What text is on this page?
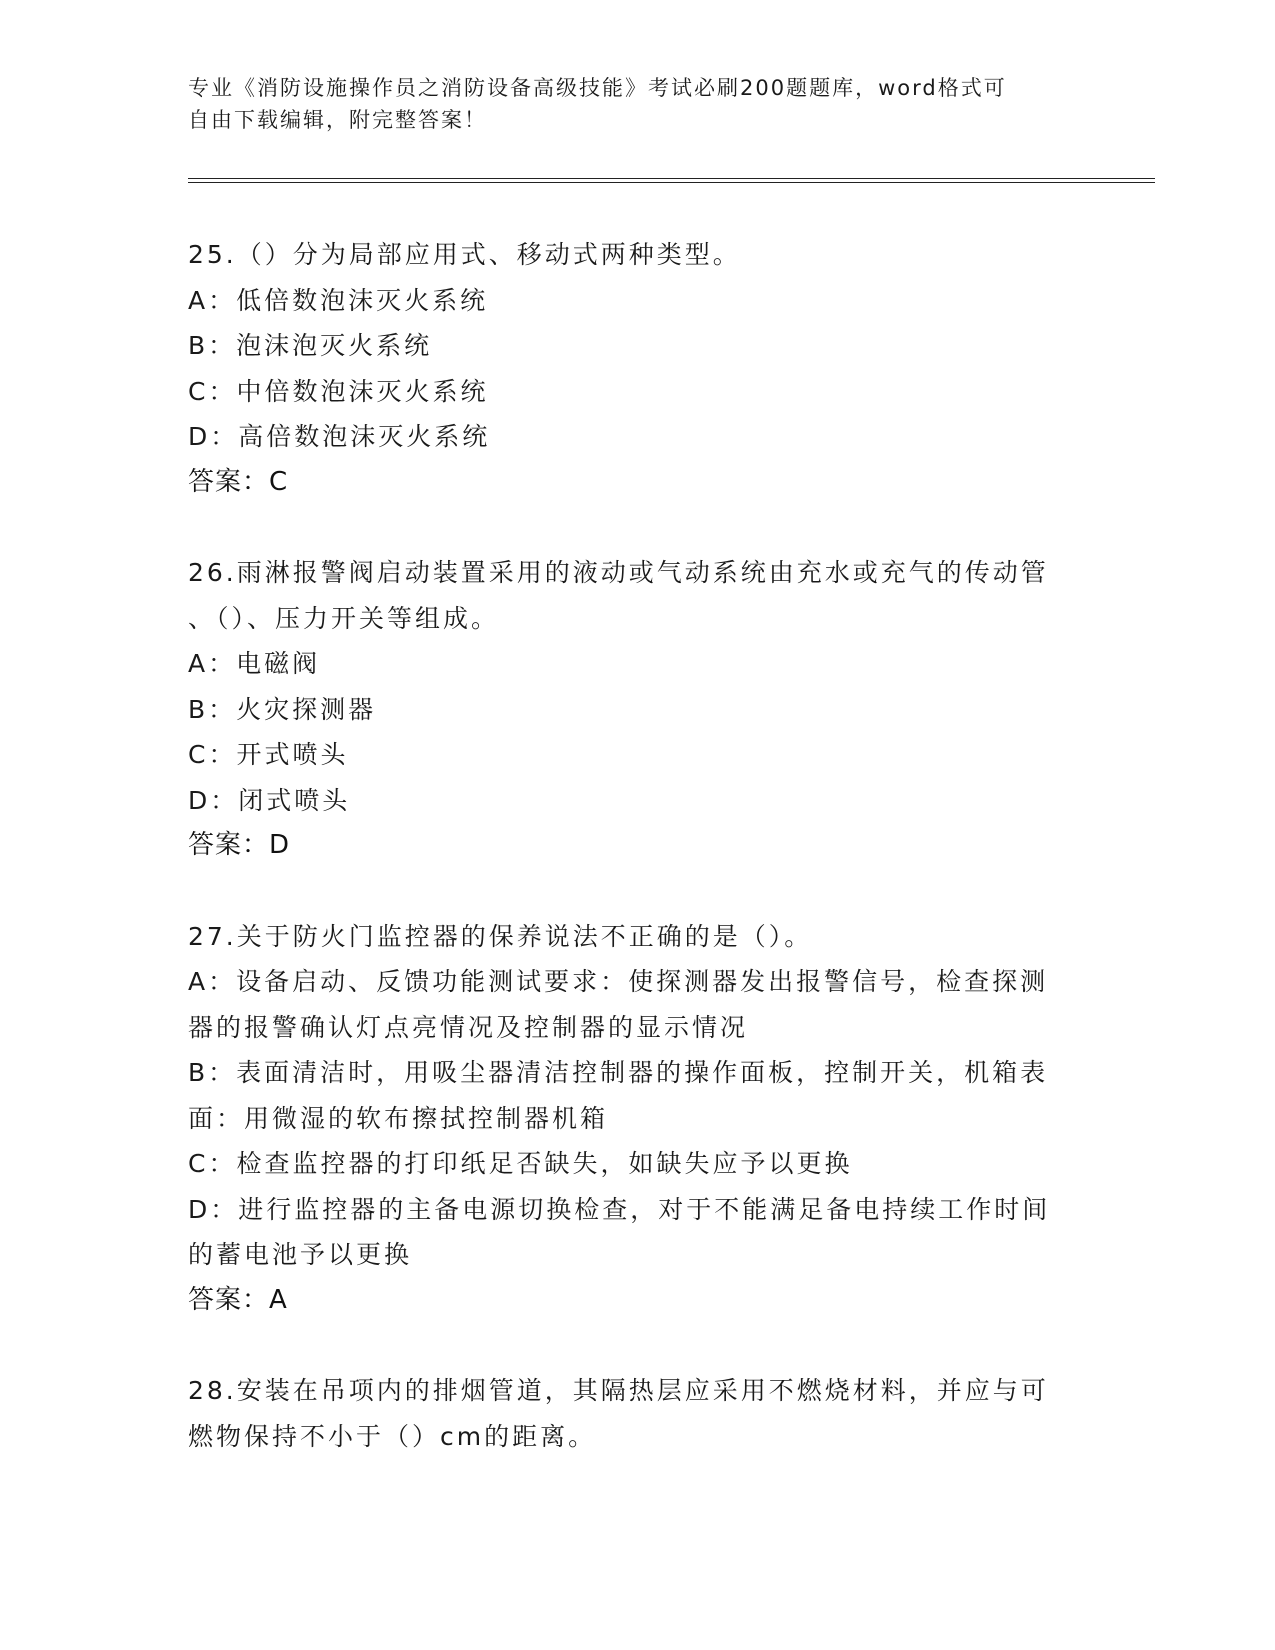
专业《消防设施操作员之消防设备高级技能》考试必刷200题题库，word格式可
自由下载编辑，附完整答案！
25.（）分为局部应用式、移动式两种类型。
A：低倍数泡沫灭火系统
B：泡沫泡灭火系统
C：中倍数泡沫灭火系统
D：高倍数泡沫灭火系统
答案：C
26.雨淋报警阀启动装置采用的液动或气动系统由充水或充气的传动管
、（）、压力开关等组成。
A：电磁阀
B：火灾探测器
C：开式喷头
D：闭式喷头
答案：D
27.关于防火门监控器的保养说法不正确的是（）。
A：设备启动、反馈功能测试要求：使探测器发出报警信号，检查探测
器的报警确认灯点亮情况及控制器的显示情况
B：表面清洁时，用吸尘器清洁控制器的操作面板，控制开关，机箱表
面：用微湿的软布擦拭控制器机箱
C：检查监控器的打印纸足否缺失，如缺失应予以更换
D：进行监控器的主备电源切换检查，对于不能满足备电持续工作时间
的蓄电池予以更换
答案：A
28.安装在吊项内的排烟管道，其隔热层应采用不燃烧材料，并应与可
燃物保持不小于（）cm的距离。
